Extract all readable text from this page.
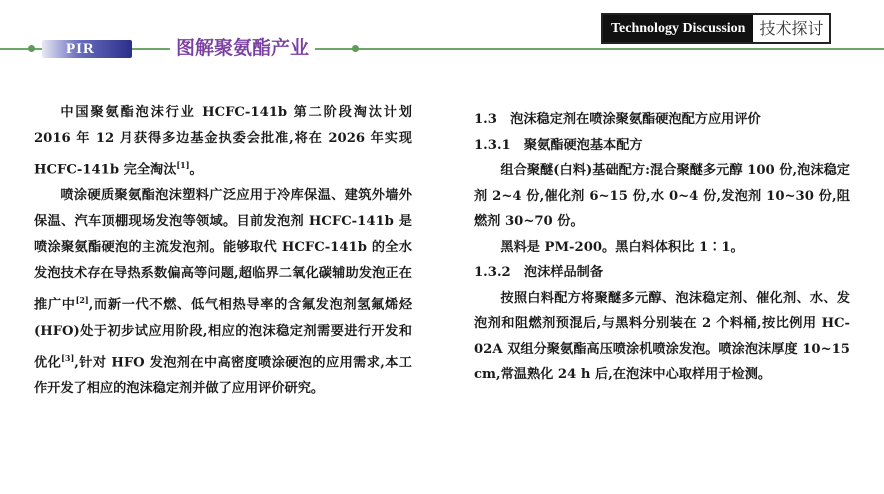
PIR	图解聚氨酯产业
Technology Discussion 技术探讨

中国聚氨酯泡沫行业 HCFC-141b 第二阶段淘汰计划 2016 年 12 月获得多边基金执委会批准,将在 2026 年实现 HCFC-141b 完全淘汰[1]。

喷涂硬质聚氨酯泡沫塑料广泛应用于冷库保温、建筑外墙外保温、汽车顶棚现场发泡等领域。目前发泡剂 HCFC-141b 是喷涂聚氨酯硬泡的主流发泡剂。能够取代 HCFC-141b 的全水发泡技术存在导热系数偏高等问题,超临界二氧化碳辅助发泡正在推广中[2],而新一代不燃、低气相热导率的含氟发泡剂氢氟烯烃(HFO)处于初步试应用阶段,相应的泡沫稳定剂需要进行开发和优化[3],针对 HFO 发泡剂在中高密度喷涂硬泡的应用需求,本工作开发了相应的泡沫稳定剂并做了应用评价研究。

1.3　泡沫稳定剂在喷涂聚氨酯硬泡配方应用评价

1.3.1　聚氨酯硬泡基本配方

组合聚醚(白料)基础配方:混合聚醚多元醇 100 份,泡沫稳定剂 2~4 份,催化剂 6~15 份,水 0~4 份,发泡剂 10~30 份,阻燃剂 30~70 份。

黑料是 PM-200。黑白料体积比 1∶1。

1.3.2　泡沫样品制备

按照白料配方将聚醚多元醇、泡沫稳定剂、催化剂、水、发泡剂和阻燃剂预混后,与黑料分别装在 2 个料桶,按比例用 HC-02A 双组分聚氨酯高压喷涂机喷涂发泡。喷涂泡沫厚度 10~15 cm,常温熟化 24 h 后,在泡沫中心取样用于检测。
